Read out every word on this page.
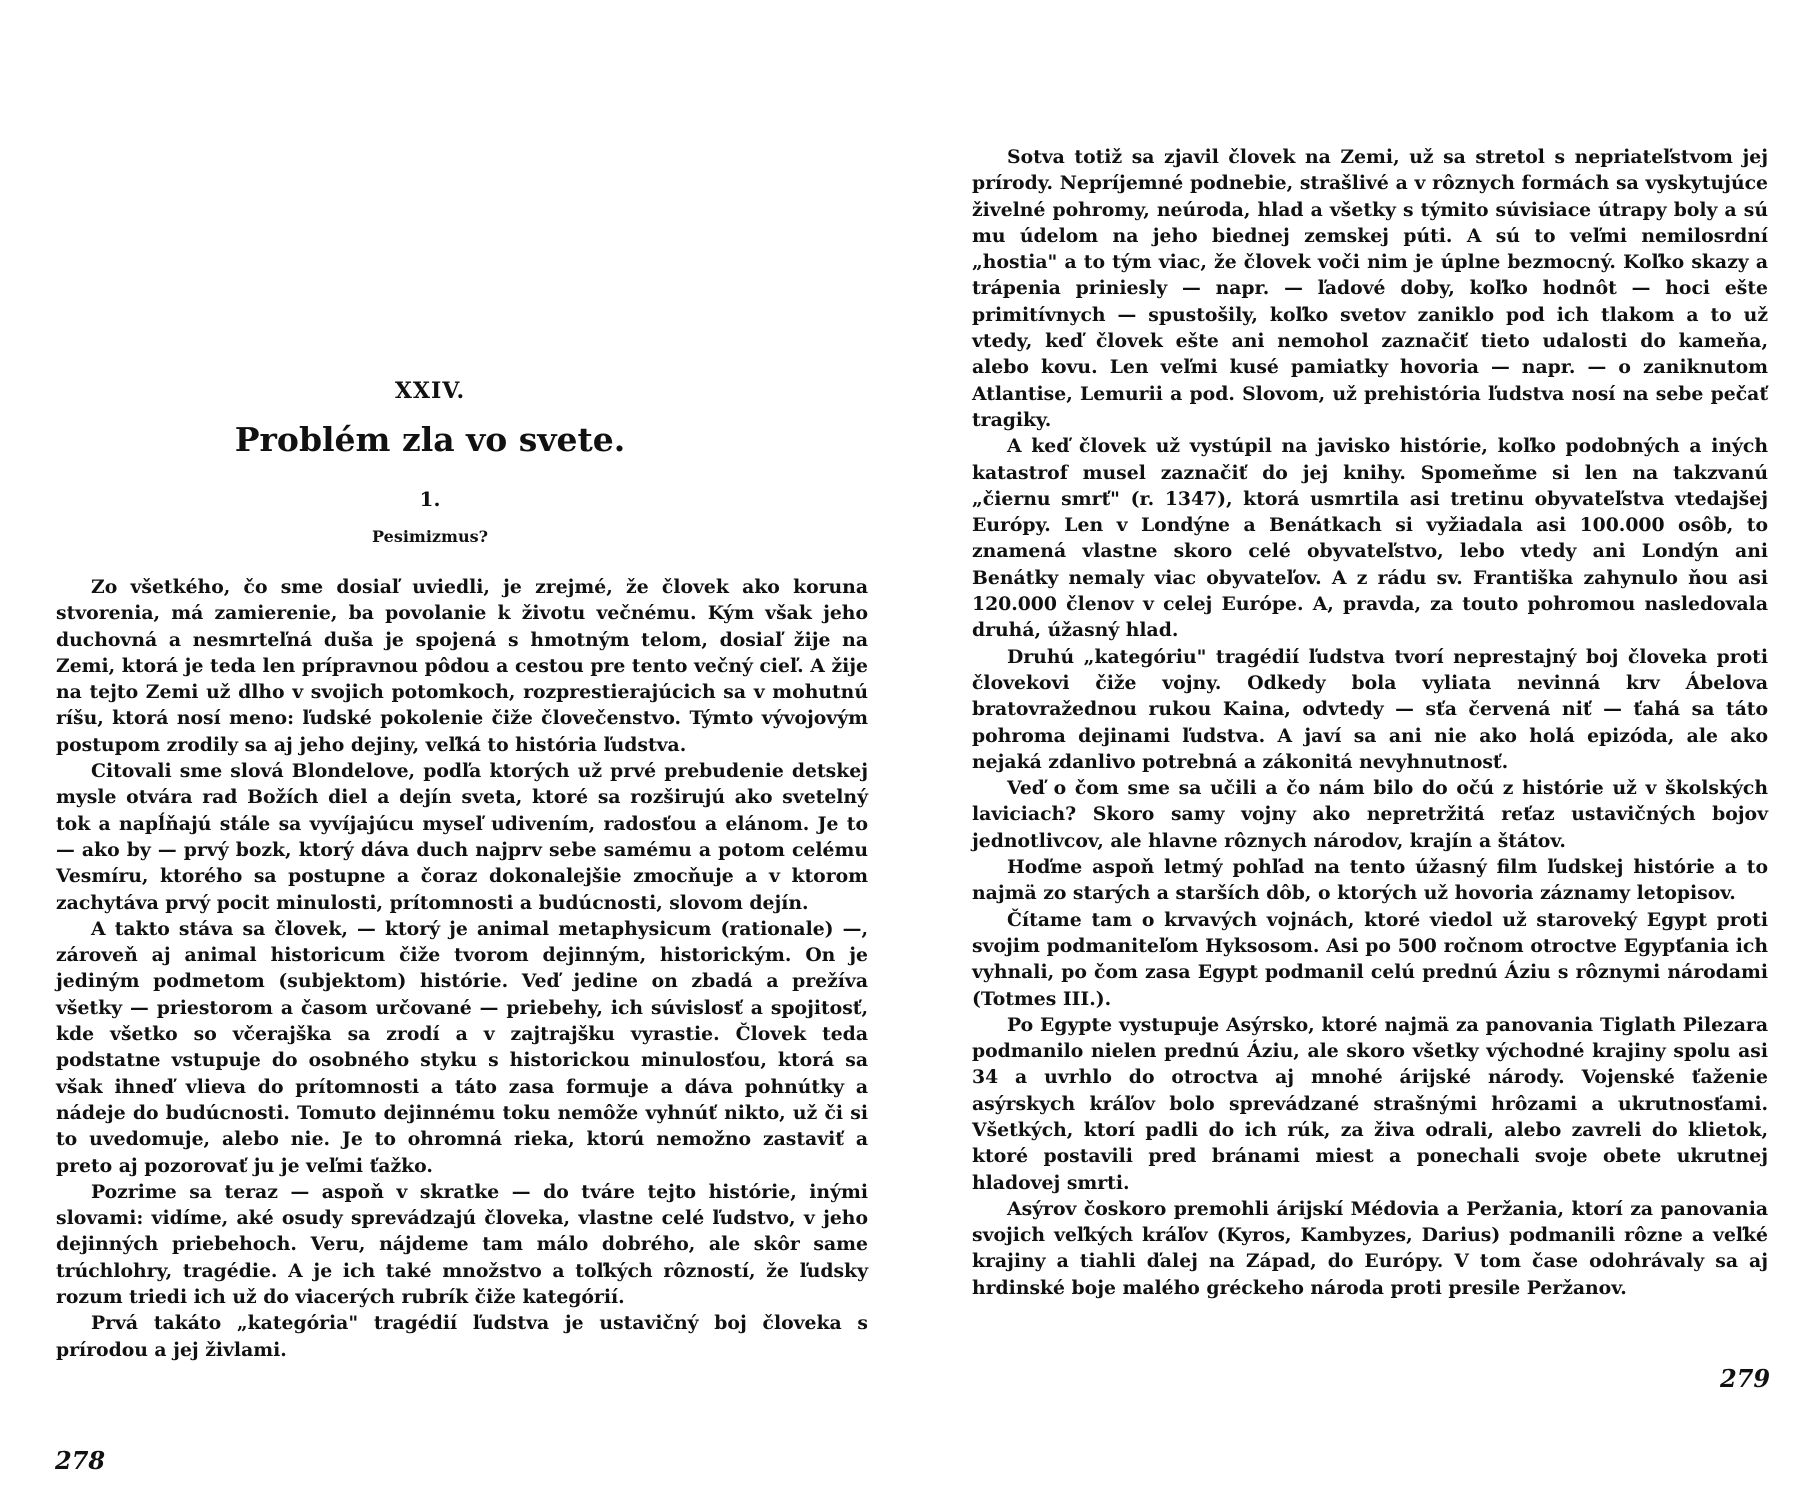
XXIV.
Problém zla vo svete.
1.
Pesimizmus?

Zo všetkého, čo sme dosiaľ uviedli, je zrejmé, že človek ako koruna stvorenia, má zamierenie, ba povolanie k životu večnému. Kým však jeho duchovná a nesmrteľná duša je spojená s hmotným telom, dosiaľ žije na Zemi, ktorá je teda len prípravnou pôdou a cestou pre tento večný cieľ. A žije na tejto Zemi už dlho v svojich potomkoch, rozprestierajúcich sa v mohutnú ríšu, ktorá nosí meno: ľudské pokolenie čiže človečenstvo. Týmto vývojovým postupom zrodily sa aj jeho dejiny, veľká to história ľudstva.

Citovali sme slová Blondelove, podľa ktorých už prvé prebudenie detskej mysle otvára rad Božích diel a dejín sveta, ktoré sa rozširujú ako svetelný tok a napĺňajú stále sa vyvíjajúcu myseľ udivením, radosťou a elánom. Je to — ako by — prvý bozk, ktorý dáva duch najprv sebe samému a potom celému Vesmíru, ktorého sa postupne a čoraz dokonalejšie zmocňuje a v ktorom zachytáva prvý pocit minulosti, prítomnosti a budúcnosti, slovom dejín.

A takto stáva sa človek, — ktorý je animal metaphysicum (rationale) —, zároveň aj animal historicum čiže tvorom dejinným, historickým. On je jediným podmetom (subjektom) histórie. Veď jedine on zbadá a prežíva všetky — priestorom a časom určované — priebehy, ich súvislosť a spojitosť, kde všetko so včerajška sa zrodí a v zajtrajšku vyrastie. Človek teda podstatne vstupuje do osobného styku s historickou minulosťou, ktorá sa však ihneď vlieva do prítomnosti a táto zasa formuje a dáva pohnútky a nádeje do budúcnosti. Tomuto dejinnému toku nemôže vyhnúť nikto, už či si to uvedomuje, alebo nie. Je to ohromná rieka, ktorú nemožno zastaviť a preto aj pozorovať ju je veľmi ťažko.

Pozrime sa teraz — aspoň v skratke — do tváre tejto histórie, inými slovami: vidíme, aké osudy sprevádzajú človeka, vlastne celé ľudstvo, v jeho dejinných priebehoch. Veru, nájdeme tam málo dobrého, ale skôr same trúchlohry, tragédie. A je ich také množstvo a toľkých rôzností, že ľudsky rozum triedi ich už do viacerých rubrík čiže kategórií.

Prvá takáto „kategória" tragédií ľudstva je ustavičný boj človeka s prírodou a jej živlami.

278

Sotva totiž sa zjavil človek na Zemi, už sa stretol s nepriateľstvom jej prírody. Nepríjemné podnebie, strašlivé a v rôznych formách sa vyskytujúce živelné pohromy, neúroda, hlad a všetky s týmito súvisiace útrapy boly a sú mu údelom na jeho biednej zemskej púti. A sú to veľmi nemilosrdní „hostia" a to tým viac, že človek voči nim je úplne bezmocný. Koľko skazy a trápenia priniesly — napr. — ľadové doby, koľko hodnôt — hoci ešte primitívnych — spustošily, koľko svetov zaniklo pod ich tlakom a to už vtedy, keď človek ešte ani nemohol zaznačiť tieto udalosti do kameňa, alebo kovu. Len veľmi kusé pamiatky hovoria — napr. — o zaniknutom Atlantise, Lemurii a pod. Slovom, už prehistória ľudstva nosí na sebe pečať tragiky.

A keď človek už vystúpil na javisko histórie, koľko podobných a iných katastrof musel zaznačiť do jej knihy. Spomeňme si len na takzvanú „čiernu smrť" (r. 1347), ktorá usmrtila asi tretinu obyvateľstva vtedajšej Európy. Len v Londýne a Benátkach si vyžiadala asi 100.000 osôb, to znamená vlastne skoro celé obyvateľstvo, lebo vtedy ani Londýn ani Benátky nemaly viac obyvateľov. A z rádu sv. Františka zahynulo ňou asi 120.000 členov v celej Európe. A, pravda, za touto pohromou nasledovala druhá, úžasný hlad.

Druhú „kategóriu" tragédií ľudstva tvorí neprestajný boj človeka proti človekovi čiže vojny. Odkedy bola vyliata nevinná krv Ábelova bratovražednou rukou Kaina, odvtedy — sťa červená niť — ťahá sa táto pohroma dejinami ľudstva. A javí sa ani nie ako holá epizóda, ale ako nejaká zdanlivo potrebná a zákonitá nevyhnutnosť.

Veď o čom sme sa učili a čo nám bilo do očú z histórie už v školských laviciach? Skoro samy vojny ako nepretržitá reťaz ustavičných bojov jednotlivcov, ale hlavne rôznych národov, krajín a štátov.

Hoďme aspoň letmý pohľad na tento úžasný film ľudskej histórie a to najmä zo starých a starších dôb, o ktorých už hovoria záznamy letopisov.

Čítame tam o krvavých vojnách, ktoré viedol už staroveký Egypt proti svojim podmaniteľom Hyksosom. Asi po 500 ročnom otroctve Egypťania ich vyhnali, po čom zasa Egypt podmanil celú prednú Áziu s rôznymi národami (Totmes III.).

Po Egypte vystupuje Asýrsko, ktoré najmä za panovania Tiglath Pilezara podmanilo nielen prednú Áziu, ale skoro všetky východné krajiny spolu asi 34 a uvrhlo do otroctva aj mnohé árijské národy. Vojenské ťaženie asýrskych kráľov bolo sprevádzané strašnými hrôzami a ukrutnosťami. Všetkých, ktorí padli do ich rúk, za živa odrali, alebo zavreli do klietok, ktoré postavili pred bránami miest a ponechali svoje obete ukrutnej hladovej smrti.

Asýrov čoskoro premohli árijskí Médovia a Peržania, ktorí za panovania svojich veľkých kráľov (Kyros, Kambyzes, Darius) podmanili rôzne a veľké krajiny a tiahli ďalej na Západ, do Európy. V tom čase odohrávaly sa aj hrdinské boje malého gréckeho národa proti presile Peržanov.

279
